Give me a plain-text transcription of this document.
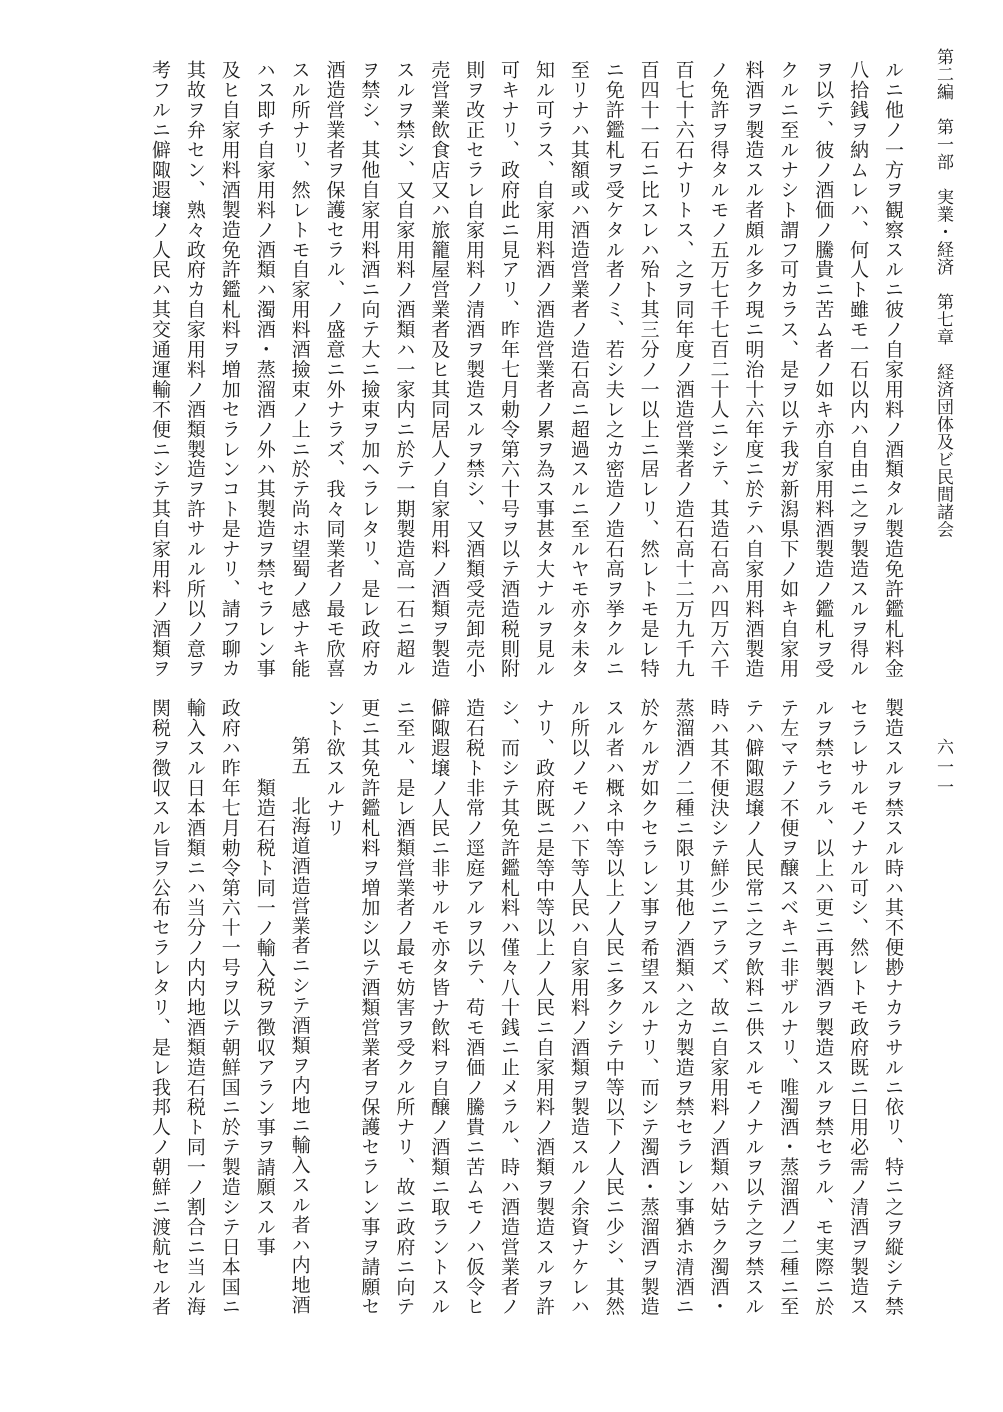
第二編　第一部　実業・経済　第七章　経済団体及ビ民間諸会
六一一

ルニ他ノ一方ヲ観察スルニ彼ノ自家用料ノ酒類タル製造免許鑑札料金

八拾銭ヲ納ムレハ、何人ト雖モ一石以内ハ自由ニ之ヲ製造スルヲ得ル

ヲ以テ、彼ノ酒価ノ騰貴ニ苦ム者ノ如キ亦自家用料酒製造ノ鑑札ヲ受

クルニ至ルナシト謂フ可カラス、是ヲ以テ我ガ新潟県下ノ如キ自家用

料酒ヲ製造スル者頗ル多ク現ニ明治十六年度ニ於テハ自家用料酒製造

ノ免許ヲ得タルモノ五万七千七百二十人ニシテ、其造石高ハ四万六千

百七十六石ナリトス、之ヲ同年度ノ酒造営業者ノ造石高十二万九千九

百四十一石ニ比スレハ殆ト其三分ノ一以上ニ居レリ、然レトモ是レ特

ニ免許鑑札ヲ受ケタル者ノミ、若シ夫レ之カ密造ノ造石高ヲ挙クルニ

至リナハ其額或ハ酒造営業者ノ造石高ニ超過スルニ至ルヤモ亦タ未タ

知ル可ラス、自家用料酒ノ酒造営業者ノ累ヲ為ス事甚タ大ナルヲ見ル

可キナリ、政府此ニ見アリ、昨年七月勅令第六十号ヲ以テ酒造税則附

則ヲ改正セラレ自家用料ノ清酒ヲ製造スルヲ禁シ、又酒類受売卸売小

売営業飲食店又ハ旅籠屋営業者及ヒ其同居人ノ自家用料ノ酒類ヲ製造

スルヲ禁シ、又自家用料ノ酒類ハ一家内ニ於テ一期製造高一石ニ超ル

ヲ禁シ、其他自家用料酒ニ向テ大ニ撿束ヲ加ヘラレタリ、是レ政府カ

酒造営業者ヲ保護セラル、ノ盛意ニ外ナラズ、我々同業者ノ最モ欣喜

スル所ナリ、然レトモ自家用料酒撿束ノ上ニ於テ尚ホ望蜀ノ感ナキ能

ハス即チ自家用料ノ酒類ハ濁酒・蒸溜酒ノ外ハ其製造ヲ禁セラレン事

及ヒ自家用料酒製造免許鑑札料ヲ増加セラレンコト是ナリ、請フ聊カ

其故ヲ弁セン、熟々政府カ自家用料ノ酒類製造ヲ許サルル所以ノ意ヲ

考フルニ僻陬遐壌ノ人民ハ其交通運輸不便ニシテ其自家用料ノ酒類ヲ

製造スルヲ禁スル時ハ其不便尠ナカラサルニ依リ、特ニ之ヲ縦シテ禁

セラレサルモノナル可シ、然レトモ政府既ニ日用必需ノ清酒ヲ製造ス

ルヲ禁セラル、以上ハ更ニ再製酒ヲ製造スルヲ禁セラル、モ実際ニ於

テ左マテノ不便ヲ醸スベキニ非ザルナリ、唯濁酒・蒸溜酒ノ二種ニ至

テハ僻陬遐壌ノ人民常ニ之ヲ飲料ニ供スルモノナルヲ以テ之ヲ禁スル

時ハ其不便決シテ鮮少ニアラズ、故ニ自家用料ノ酒類ハ姑ラク濁酒・

蒸溜酒ノ二種ニ限リ其他ノ酒類ハ之カ製造ヲ禁セラレン事猶ホ清酒ニ

於ケルガ如クセラレン事ヲ希望スルナリ、而シテ濁酒・蒸溜酒ヲ製造

スル者ハ概ネ中等以上ノ人民ニ多クシテ中等以下ノ人民ニ少シ、其然

ル所以ノモノハ下等人民ハ自家用料ノ酒類ヲ製造スルノ余資ナケレハ

ナリ、政府既ニ是等中等以上ノ人民ニ自家用料ノ酒類ヲ製造スルヲ許

シ、而シテ其免許鑑札料ハ僅々八十銭ニ止メラル、時ハ酒造営業者ノ

造石税ト非常ノ逕庭アルヲ以テ、苟モ酒価ノ騰貴ニ苦ムモノハ仮令ヒ

僻陬遐壌ノ人民ニ非サルモ亦タ皆ナ飲料ヲ自醸ノ酒類ニ取ラントスル

ニ至ル、是レ酒類営業者ノ最モ妨害ヲ受クル所ナリ、故ニ政府ニ向テ

更ニ其免許鑑札料ヲ増加シ以テ酒類営業者ヲ保護セラレン事ヲ請願セ

ント欲スルナリ

第五　北海道酒造営業者ニシテ酒類ヲ内地ニ輸入スル者ハ内地酒

類造石税ト同一ノ輸入税ヲ徴収アラン事ヲ請願スル事

政府ハ昨年七月勅令第六十一号ヲ以テ朝鮮国ニ於テ製造シテ日本国ニ

輸入スル日本酒類ニハ当分ノ内内地酒類造石税ト同一ノ割合ニ当ル海

関税ヲ徴収スル旨ヲ公布セラレタリ、是レ我邦人ノ朝鮮ニ渡航セル者
